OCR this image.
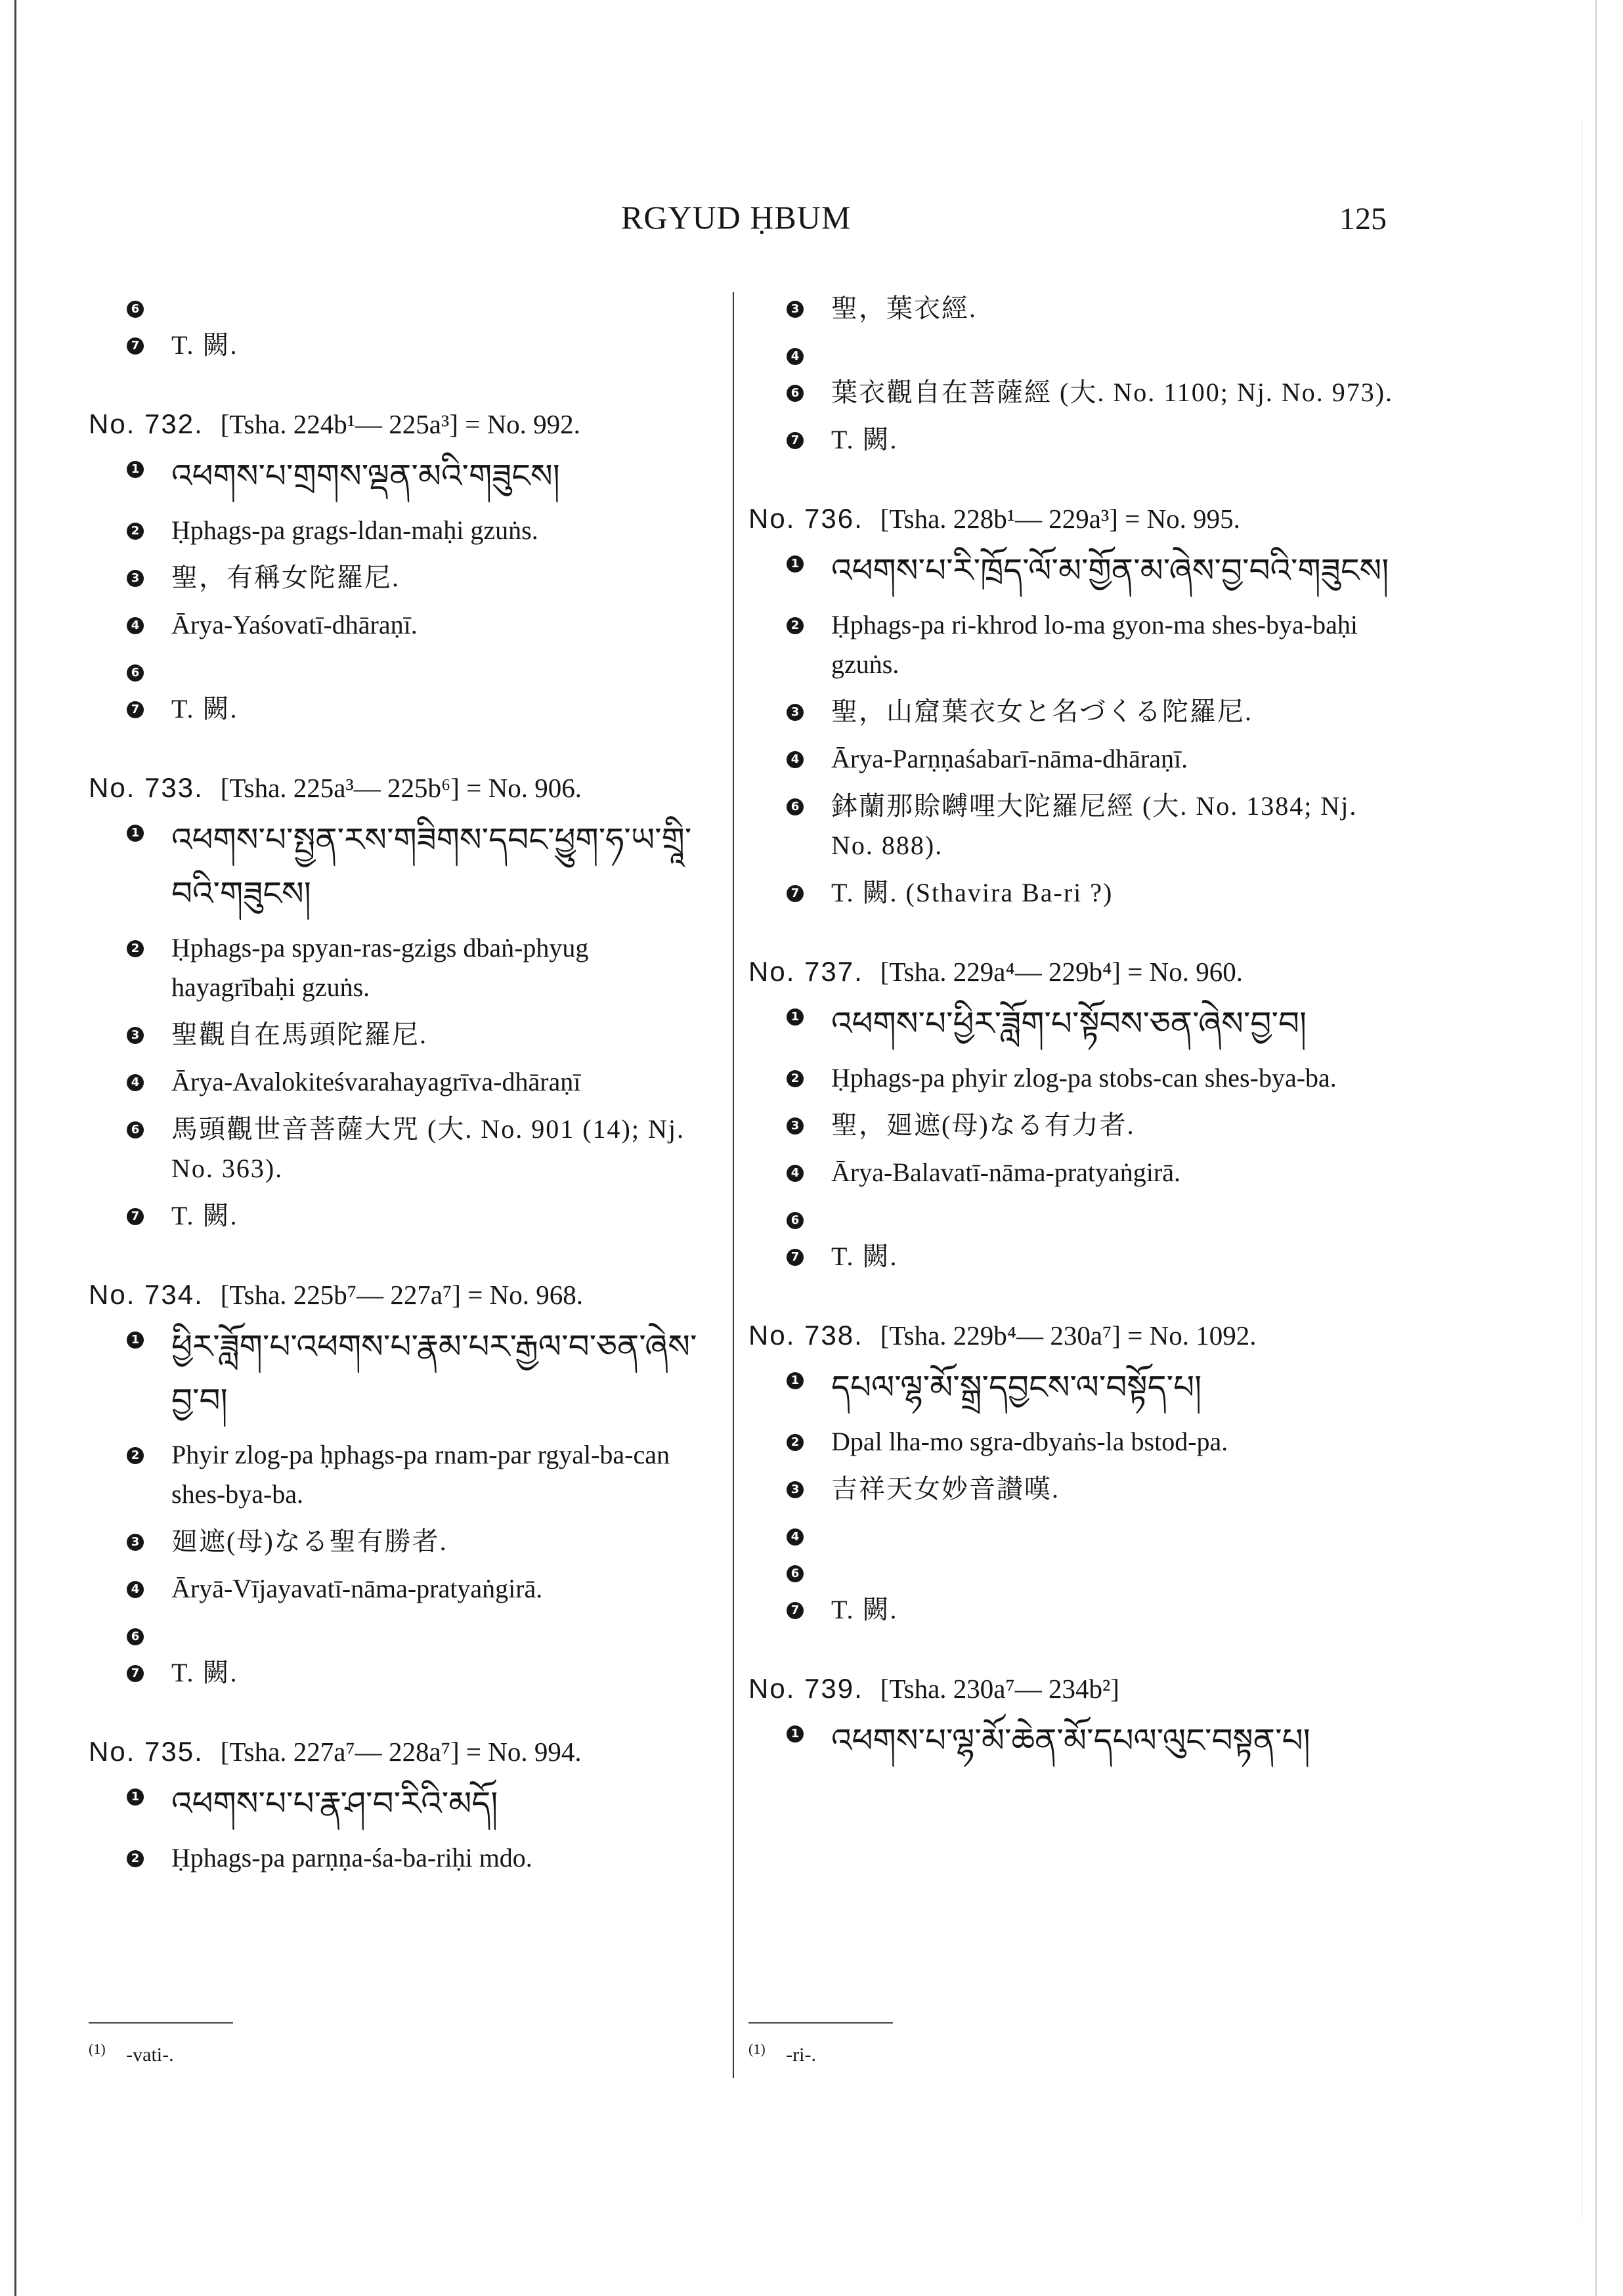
RGYUD ḤBUM	125
6
7 T. 闕.
No. 732. [Tsha. 224b¹— 225a³] = No. 992.
1 འཕགས་པ་གྲགས་ལྡན་མའི་གཟུངས།
2 Ḥphags-pa grags-ldan-maḥi gzuṅs.
3 聖，有稱女陀羅尼.
4 Ārya-Yaśovatī-dhāraṇī.
6
7 T. 闕.
No. 733. [Tsha. 225a³— 225b⁶] = No. 906.
1 འཕགས་པ་སྤྱན་རས་གཟིགས་དབང་ཕྱུག་ཧ་ཡ་གྲཱི་བའི་གཟུངས།
2 Ḥphags-pa spyan-ras-gzigs dbaṅ-phyug hayagrībaḥi gzuṅs.
3 聖觀自在馬頭陀羅尼.
4 Ārya-Avalokiteśvarahayagrīva-dhāraṇī
6 馬頭觀世音菩薩大咒 (大. No. 901 (14); Nj. No. 363).
7 T. 闕.
No. 734. [Tsha. 225b⁷— 227a⁷] = No. 968.
1 ཕྱིར་ཟློག་པ་འཕགས་པ་རྣམ་པར་རྒྱལ་བ་ཅན་ཞེས་བྱ་བ།
2 Phyir zlog-pa ḥphags-pa rnam-par rgyal-ba-can shes-bya-ba.
3 廻遮(母)なる聖有勝者.
4 Āryā-Vījayavatī-nāma-pratyaṅgirā.
6
7 T. 闕.
No. 735. [Tsha. 227a⁷— 228a⁷] = No. 994.
1 འཕགས་པ་པ་རྣ་ཤ་བ་རིའི་མདོ།
2 Ḥphags-pa parṇṇa-śa-ba-riḥi mdo.
3 聖，葉衣經.
4
6 葉衣觀自在菩薩經 (大. No. 1100; Nj. No. 973).
7 T. 闕.
No. 736. [Tsha. 228b¹— 229a³] = No. 995.
1 འཕགས་པ་རི་ཁྲོད་ལོ་མ་གྱོན་མ་ཞེས་བྱ་བའི་གཟུངས།
2 Ḥphags-pa ri-khrod lo-ma gyon-ma shes-bya-baḥi gzuṅs.
3 聖，山窟葉衣女と名づくる陀羅尼.
4 Ārya-Parṇṇaśabarī-nāma-dhāraṇī.
6 鉢蘭那賒嚩哩大陀羅尼經 (大. No. 1384; Nj. No. 888).
7 T. 闕. (Sthavira Ba-ri ?)
No. 737. [Tsha. 229a⁴— 229b⁴] = No. 960.
1 འཕགས་པ་ཕྱིར་ཟློག་པ་སྟོབས་ཅན་ཞེས་བྱ་བ།
2 Ḥphags-pa phyir zlog-pa stobs-can shes-bya-ba.
3 聖，廻遮(母)なる有力者.
4 Ārya-Balavatī-nāma-pratyaṅgirā.
6
7 T. 闕.
No. 738. [Tsha. 229b⁴— 230a⁷] = No. 1092.
1 དཔལ་ལྷ་མོ་སྒྲ་དབྱངས་ལ་བསྟོད་པ།
2 Dpal lha-mo sgra-dbyaṅs-la bstod-pa.
3 吉祥天女妙音讃嘆.
4
6
7 T. 闕.
No. 739. [Tsha. 230a⁷— 234b²]
1 འཕགས་པ་ལྷ་མོ་ཆེན་མོ་དཔལ་ལུང་བསྟན་པ།
$^{(1)}$ -vati-.	$^{(1)}$ -ri-.
